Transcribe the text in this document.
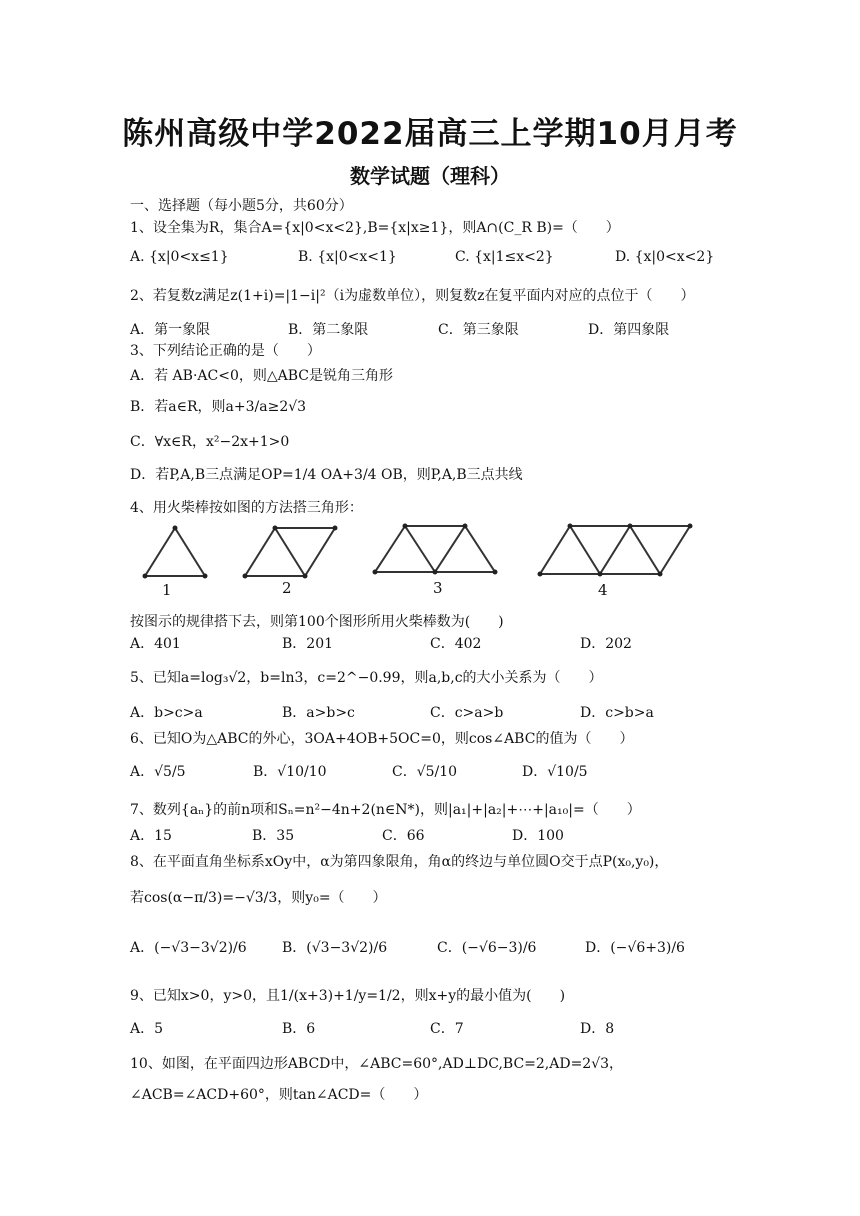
陈州高级中学2022届高三上学期10月月考
数学试题（理科）
一、选择题（每小题5分，共60分）
1、设全集为R，集合A={x|0<x<2},B={x|x≥1}，则A∩(C_R B)=（　　）
A. {x|0<x≤1}	B. {x|0<x<1}	C. {x|1≤x<2}	D. {x|0<x<2}
2、若复数z满足z(1+i)=|1−i|²（i为虚数单位），则复数z在复平面内对应的点位于（　　）
A．第一象限	B．第二象限	C．第三象限	D．第四象限
3、下列结论正确的是（　　）
A．若 AB·AC<0，则△ABC是锐角三角形
B．若a∈R，则a+3/a≥2√3
C．∀x∈R，x²−2x+1>0
D．若P,A,B三点满足OP=1/4 OA+3/4 OB，则P,A,B三点共线
4、用火柴棒按如图的方法搭三角形：
1	2	3	4
按图示的规律搭下去，则第100个图形所用火柴棒数为(　　)
A．401	B．201	C．402	D．202
5、已知a=log₃√2，b=ln3，c=2^−0.99，则a,b,c的大小关系为（　　）
A．b>c>a	B．a>b>c	C．c>a>b	D．c>b>a
6、已知O为△ABC的外心，3OA+4OB+5OC=0，则cos∠ABC的值为（　　）
A．√5/5	B．√10/10	C．√5/10	D．√10/5
7、数列{aₙ}的前n项和Sₙ=n²−4n+2(n∈N*)，则|a₁|+|a₂|+⋯+|a₁₀|=（　　）
A．15	B．35	C．66	D．100
8、在平面直角坐标系xOy中，α为第四象限角，角α的终边与单位圆O交于点P(x₀,y₀)，
若cos(α−π/3)=−√3/3，则y₀=（　　）
A．(−√3−3√2)/6	B．(√3−3√2)/6	C．(−√6−3)/6	D．(−√6+3)/6
9、已知x>0，y>0，且1/(x+3)+1/y=1/2，则x+y的最小值为(　　)
A．5	B．6	C．7	D．8
10、如图，在平面四边形ABCD中，∠ABC=60°,AD⊥DC,BC=2,AD=2√3，
∠ACB=∠ACD+60°，则tan∠ACD=（　　）
